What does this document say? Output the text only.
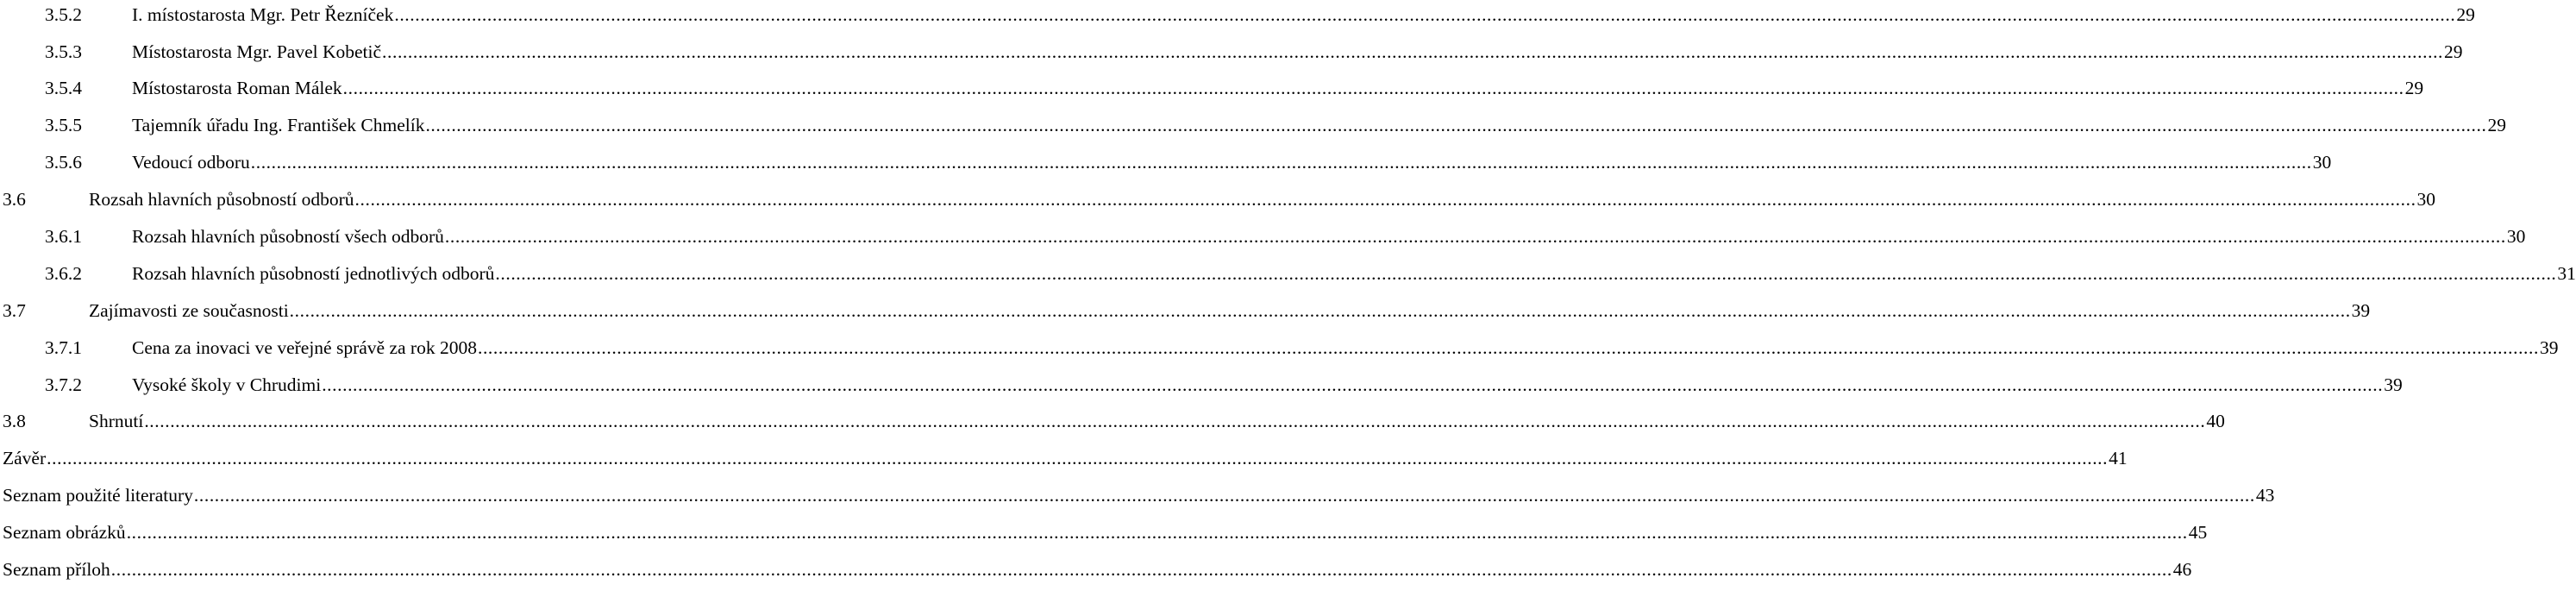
3.5.2	I. místostarosta Mgr. Petr Řezníček ................................................................................................................................................................................................................................................................................................................................................................................................................ 29
3.5.3	Místostarosta Mgr. Pavel Kobetič ................................................................................................................................................................................................................................................................................................................................................................................................................ 29
3.5.4	Místostarosta Roman Málek ................................................................................................................................................................................................................................................................................................................................................................................................................ 29
3.5.5	Tajemník úřadu Ing. František Chmelík ................................................................................................................................................................................................................................................................................................................................................................................................................ 29
3.5.6	Vedoucí odboru ................................................................................................................................................................................................................................................................................................................................................................................................................ 30
3.6	Rozsah hlavních působností odborů ................................................................................................................................................................................................................................................................................................................................................................................................................ 30
3.6.1	Rozsah hlavních působností všech odborů ................................................................................................................................................................................................................................................................................................................................................................................................................ 30
3.6.2	Rozsah hlavních působností jednotlivých odborů ................................................................................................................................................................................................................................................................................................................................................................................................................ 31
3.7	Zajímavosti ze současnosti ................................................................................................................................................................................................................................................................................................................................................................................................................ 39
3.7.1	Cena za inovaci ve veřejné správě za rok 2008 ................................................................................................................................................................................................................................................................................................................................................................................................................ 39
3.7.2	Vysoké školy v Chrudimi ................................................................................................................................................................................................................................................................................................................................................................................................................ 39
3.8	Shrnutí ................................................................................................................................................................................................................................................................................................................................................................................................................ 40
Závěr ................................................................................................................................................................................................................................................................................................................................................................................................................ 41
Seznam použité literatury ................................................................................................................................................................................................................................................................................................................................................................................................................ 43
Seznam obrázků ................................................................................................................................................................................................................................................................................................................................................................................................................ 45
Seznam příloh ................................................................................................................................................................................................................................................................................................................................................................................................................ 46
